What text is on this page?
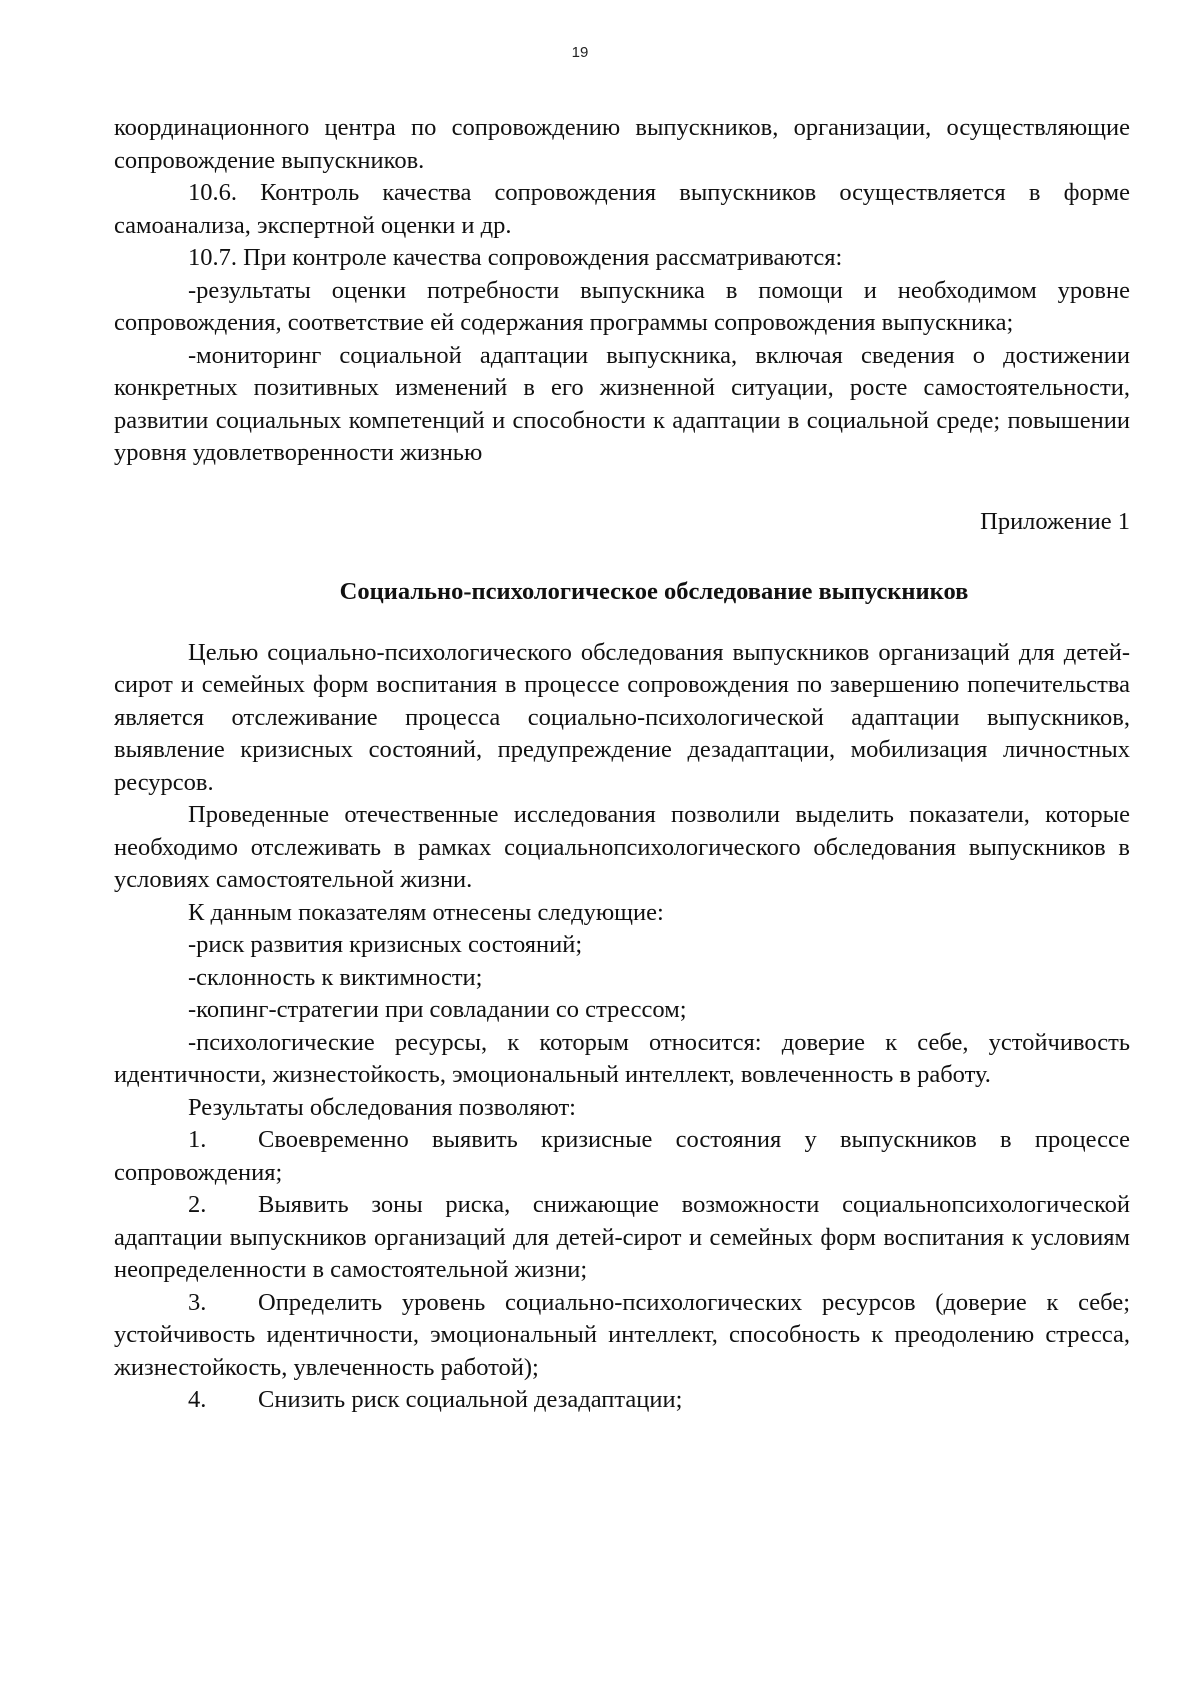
19

координационного центра по сопровождению выпускников, организации, осуществляющие сопровождение выпускников.

10.6. Контроль качества сопровождения выпускников осуществляется в форме самоанализа, экспертной оценки и др.

10.7. При контроле качества сопровождения рассматриваются:

-результаты оценки потребности выпускника в помощи и необходимом уровне сопровождения, соответствие ей содержания программы сопровождения выпускника;

-мониторинг социальной адаптации выпускника, включая сведения о достижении конкретных позитивных изменений в его жизненной ситуации, росте самостоятельности, развитии социальных компетенций и способности к адаптации в социальной среде; повышении уровня удовлетворенности жизнью

Приложение 1

Социально-психологическое обследование выпускников

Целью социально-психологического обследования выпускников организаций для детей-сирот и семейных форм воспитания в процессе сопровождения по завершению попечительства является отслеживание процесса социально-психологической адаптации выпускников, выявление кризисных состояний, предупреждение дезадаптации, мобилизация личностных ресурсов.

Проведенные отечественные исследования позволили выделить показатели, которые необходимо отслеживать в рамках социальнопсихологического обследования выпускников в условиях самостоятельной жизни.

К данным показателям отнесены следующие:

-риск развития кризисных состояний;

-склонность к виктимности;

-копинг-стратегии при совладании со стрессом;

-психологические ресурсы, к которым относится: доверие к себе, устойчивость идентичности, жизнестойкость, эмоциональный интеллект, вовлеченность в работу.

Результаты обследования позволяют:

1. Своевременно выявить кризисные состояния у выпускников в процессе сопровождения;

2. Выявить зоны риска, снижающие возможности социальнопсихологической адаптации выпускников организаций для детей-сирот и семейных форм воспитания к условиям неопределенности в самостоятельной жизни;

3. Определить уровень социально-психологических ресурсов (доверие к себе; устойчивость идентичности, эмоциональный интеллект, способность к преодолению стресса, жизнестойкость, увлеченность работой);

4. Снизить риск социальной дезадаптации;
